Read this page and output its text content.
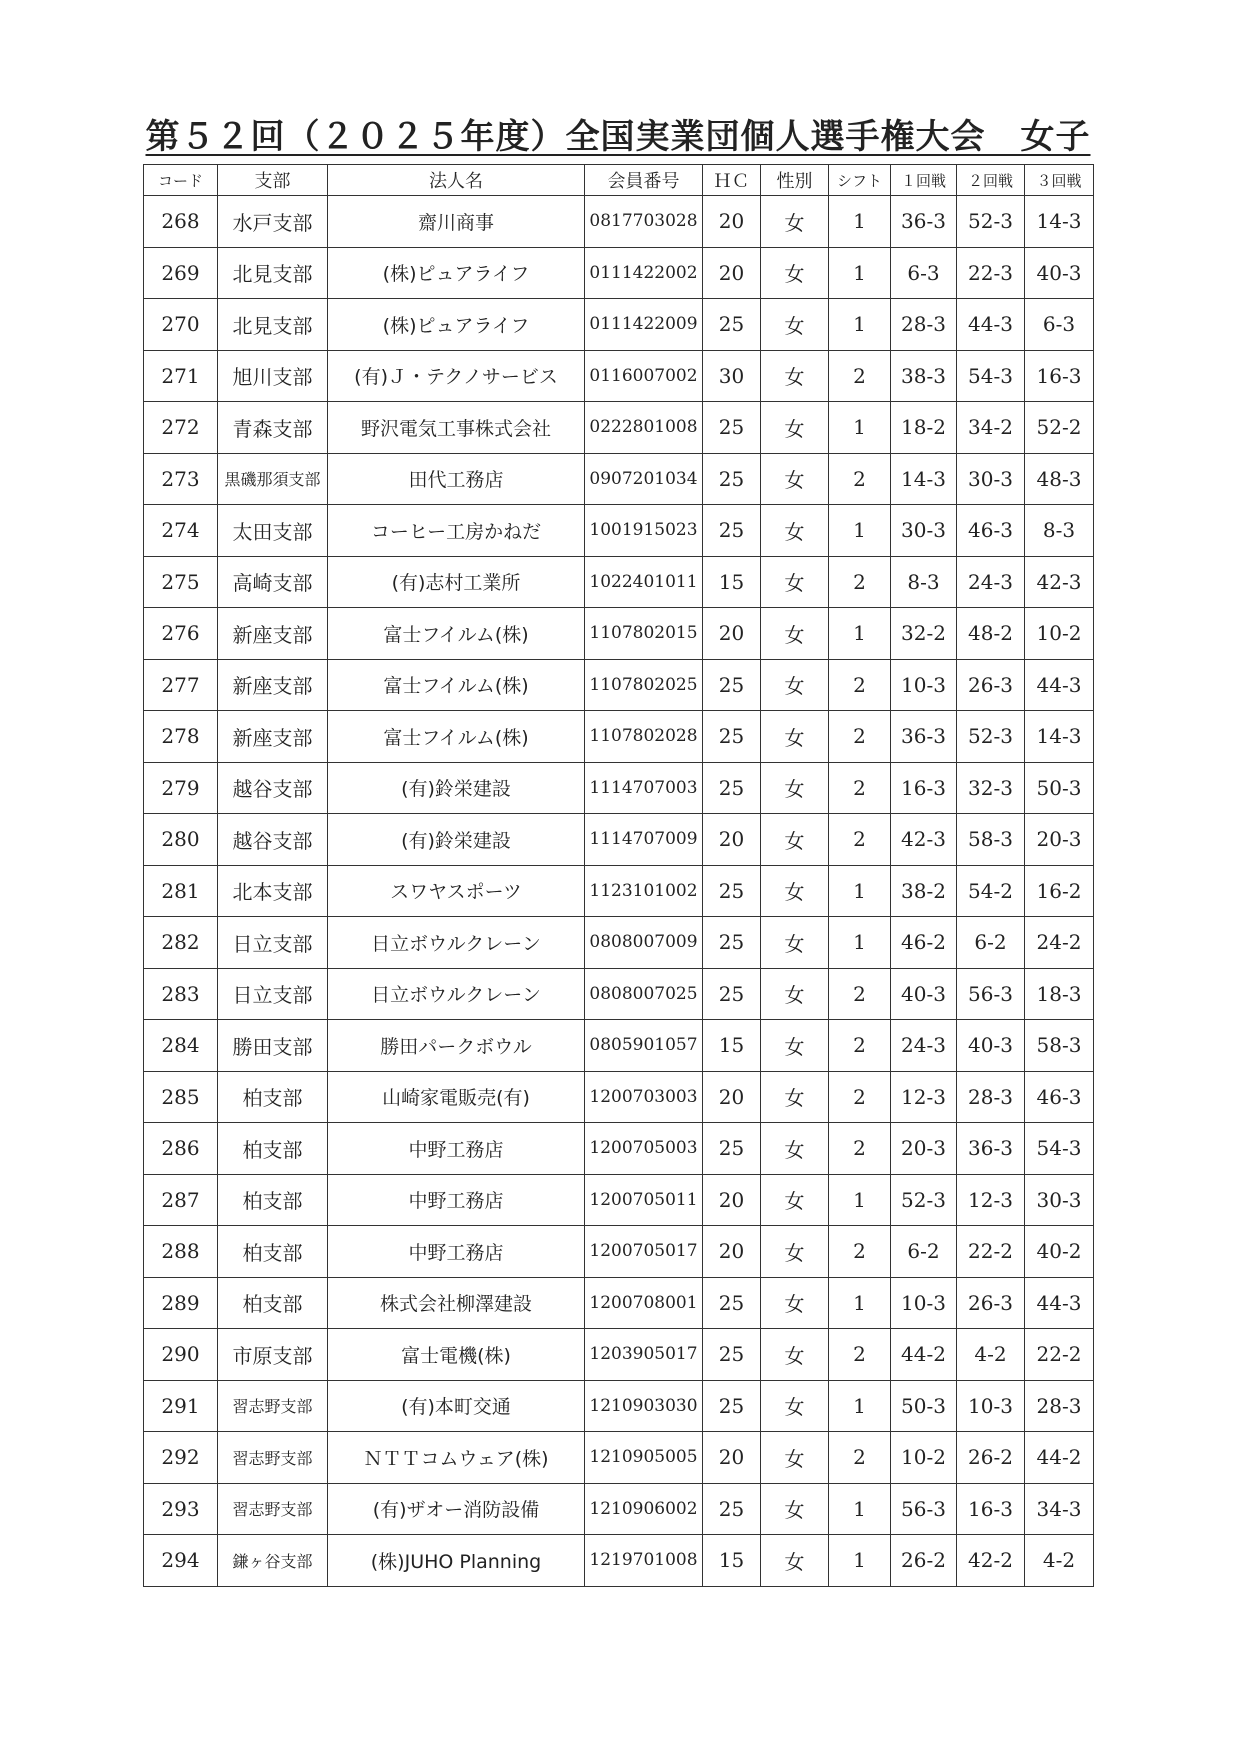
第５２回（２０２５年度）全国実業団個人選手権大会　女子
コード	支部	法人名	会員番号	ＨＣ	性別	シフト	１回戦	２回戦	３回戦
268	水戸支部	齋川商事	0817703028	20	女	1	36-3	52-3	14-3
269	北見支部	(株)ピュアライフ	0111422002	20	女	1	6-3	22-3	40-3
270	北見支部	(株)ピュアライフ	0111422009	25	女	1	28-3	44-3	6-3
271	旭川支部	(有)Ｊ・テクノサービス	0116007002	30	女	2	38-3	54-3	16-3
272	青森支部	野沢電気工事株式会社	0222801008	25	女	1	18-2	34-2	52-2
273	黒磯那須支部	田代工務店	0907201034	25	女	2	14-3	30-3	48-3
274	太田支部	コーヒー工房かねだ	1001915023	25	女	1	30-3	46-3	8-3
275	高崎支部	(有)志村工業所	1022401011	15	女	2	8-3	24-3	42-3
276	新座支部	富士フイルム(株)	1107802015	20	女	1	32-2	48-2	10-2
277	新座支部	富士フイルム(株)	1107802025	25	女	2	10-3	26-3	44-3
278	新座支部	富士フイルム(株)	1107802028	25	女	2	36-3	52-3	14-3
279	越谷支部	(有)鈴栄建設	1114707003	25	女	2	16-3	32-3	50-3
280	越谷支部	(有)鈴栄建設	1114707009	20	女	2	42-3	58-3	20-3
281	北本支部	スワヤスポーツ	1123101002	25	女	1	38-2	54-2	16-2
282	日立支部	日立ボウルクレーン	0808007009	25	女	1	46-2	6-2	24-2
283	日立支部	日立ボウルクレーン	0808007025	25	女	2	40-3	56-3	18-3
284	勝田支部	勝田パークボウル	0805901057	15	女	2	24-3	40-3	58-3
285	柏支部	山崎家電販売(有)	1200703003	20	女	2	12-3	28-3	46-3
286	柏支部	中野工務店	1200705003	25	女	2	20-3	36-3	54-3
287	柏支部	中野工務店	1200705011	20	女	1	52-3	12-3	30-3
288	柏支部	中野工務店	1200705017	20	女	2	6-2	22-2	40-2
289	柏支部	株式会社柳澤建設	1200708001	25	女	1	10-3	26-3	44-3
290	市原支部	富士電機(株)	1203905017	25	女	2	44-2	4-2	22-2
291	習志野支部	(有)本町交通	1210903030	25	女	1	50-3	10-3	28-3
292	習志野支部	ＮＴＴコムウェア(株)	1210905005	20	女	2	10-2	26-2	44-2
293	習志野支部	(有)ザオー消防設備	1210906002	25	女	1	56-3	16-3	34-3
294	鎌ヶ谷支部	(株)JUHO Planning	1219701008	15	女	1	26-2	42-2	4-2
